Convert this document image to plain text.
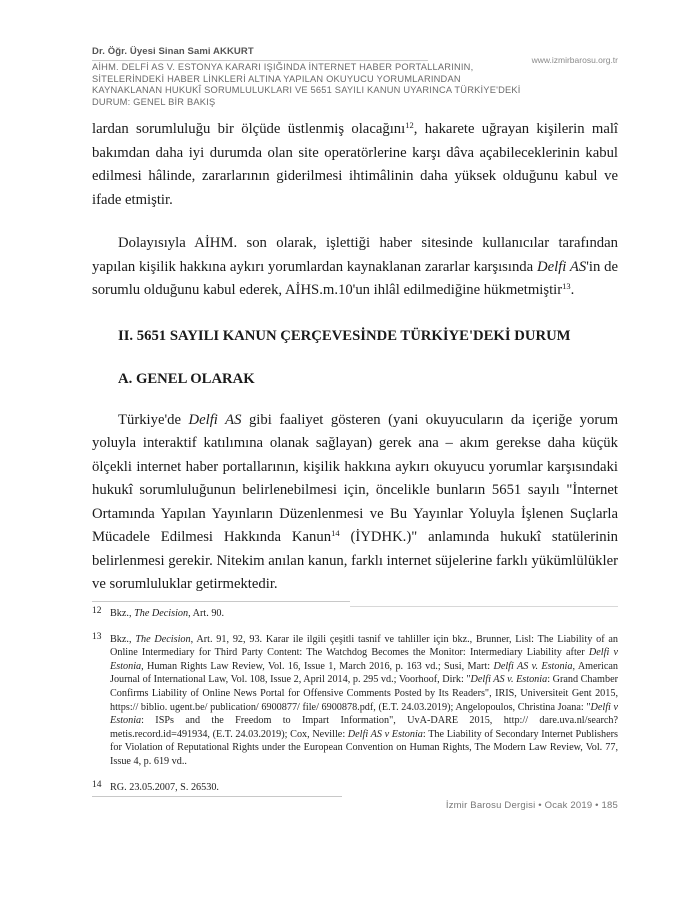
Dr. Öğr. Üyesi Sinan Sami AKKURT
www.izmirbarosu.org.tr
AİHM. DELFİ AS V. ESTONYA KARARI IŞIĞINDA İNTERNET HABER PORTALLARININ, SİTELERİNDEKİ HABER LİNKLERİ ALTINA YAPILAN OKUYUCU YORUMLARINDAN KAYNAKLANAN HUKUKÎ SORUMLULUKLARI VE 5651 SAYILI KANUN UYARINCA TÜRKİYE'DEKİ DURUM: GENEL BİR BAKIŞ

lardan sorumluluğu bir ölçüde üstlenmiş olacağını$^{12}$, hakarete uğrayan kişilerin malî bakımdan daha iyi durumda olan site operatörlerine karşı dâva açabileceklerinin kabul edilmesi hâlinde, zararlarının giderilmesi ihtimâlinin daha yüksek olduğunu kabul ve ifade etmiştir.

Dolayısıyla AİHM. son olarak, işlettiği haber sitesinde kullanıcılar tarafından yapılan kişilik hakkına aykırı yorumlardan kaynaklanan zararlar karşısında Delfi AS'in de sorumlu olduğunu kabul ederek, AİHS.m.10'un ihlâl edilmediğine hükmetmiştir$^{13}$.

II. 5651 SAYILI KANUN ÇERÇEVESİNDE TÜRKİYE'DEKİ DURUM

A. GENEL OLARAK

Türkiye'de Delfi AS gibi faaliyet gösteren (yani okuyucuların da içeriğe yorum yoluyla interaktif katılımına olanak sağlayan) gerek ana – akım gerekse daha küçük ölçekli internet haber portallarının, kişilik hakkına aykırı okuyucu yorumlar karşısındaki hukukî sorumluluğunun belirlenebilmesi için, öncelikle bunların 5651 sayılı "İnternet Ortamında Yapılan Yayınların Düzenlenmesi ve Bu Yayınlar Yoluyla İşlenen Suçlarla Mücadele Edilmesi Hakkında Kanun$^{14}$ (İYDHK.)" anlamında hukukî statülerinin belirlenmesi gerekir. Nitekim anılan kanun, farklı internet süjelerine farklı yükümlülükler ve sorumluluklar getirmektedir.

12 Bkz., The Decision, Art. 90.
13 Bkz., The Decision, Art. 91, 92, 93. Karar ile ilgili çeşitli tasnif ve tahliller için bkz., Brunner, Lisl: The Liability of an Online Intermediary for Third Party Content: The Watchdog Becomes the Monitor: Intermediary Liability after Delfi v Estonia, Human Rights Law Review, Vol. 16, Issue 1, March 2016, p. 163 vd.; Susi, Mart: Delfi AS v. Estonia, American Journal of International Law, Vol. 108, Issue 2, April 2014, p. 295 vd.; Voorhoof, Dirk: "Delfi AS v. Estonia: Grand Chamber Confirms Liability of Online News Portal for Offensive Comments Posted by Its Readers", IRIS, Universiteit Gent 2015, https:// biblio. ugent.be/ publication/ 6900877/ file/ 6900878.pdf, (E.T. 24.03.2019); Angelopoulos, Christina Joana: "Delfi v Estonia: ISPs and the Freedom to Impart Information", UvA-DARE 2015, http:// dare.uva.nl/search?metis.record.id=491934, (E.T. 24.03.2019); Cox, Neville: Delfi AS v Estonia: The Liability of Secondary Internet Publishers for Violation of Reputational Rights under the European Convention on Human Rights, The Modern Law Review, Vol. 77, Issue 4, p. 619 vd..
14 RG. 23.05.2007, S. 26530.
İzmir Barosu Dergisi • Ocak 2019 • 185
